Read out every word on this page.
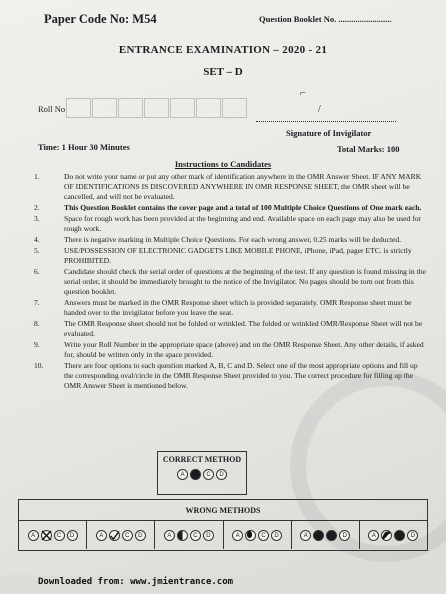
Paper Code No: M54	Question Booklet No. .........................
ENTRANCE EXAMINATION – 2020 - 21
SET – D
Roll No
⌐
/
Signature of Invigilator
Time: 1 Hour 30 Minutes	Total Marks: 100
Instructions to Candidates
1.	Do not write your name or put any other mark of identification anywhere in the OMR Answer Sheet. IF ANY MARK OF IDENTIFICATIONS IS DISCOVERED ANYWHERE IN OMR RESPONSE SHEET, the OMR sheet will be cancelled, and will not be evaluated.
2.	This Question Booklet contains the cover page and a total of 100 Multiple Choice Questions of One mark each.
3.	Space for rough work has been provided at the beginning and end. Available space on each page may also be used for rough work.
4.	There is negative marking in Multiple Choice Questions. For each wrong answer, 0.25 marks will be deducted.
5.	USE/POSSESSION OF ELECTRONIC GADGETS LIKE MOBILE PHONE, iPhone, iPad, pager ETC. is strictly PROHIBITED.
6.	Candidate should check the serial order of questions at the beginning of the test. If any question is found missing in the serial order, it should be immediately brought to the notice of the Invigilator. No pages should be torn out from this question booklet.
7.	Answers must be marked in the OMR Response sheet which is provided separately. OMR Response sheet must be handed over to the invigilator before you leave the seat.
8.	The OMR Response sheet should not be folded or wrinkled. The folded or wrinkled OMR/Response Sheet will not be evaluated.
9.	Write your Roll Number in the appropriate space (above) and on the OMR Response Sheet. Any other details, if asked for, should be written only in the space provided.
10.	There are four options to each question marked A, B, C and D. Select one of the most appropriate options and fill up the corresponding oval/circle in the OMR Response Sheet provided to you. The correct procedure for filling up the OMR Answer Sheet is mentioned below.
CORRECT METHOD
A	B	C	D
WRONG METHODS
A	C	D	A	C	D	A	C	D	A	C	D	A	C	D	A	D
Downloaded from: www.jmientrance.com
